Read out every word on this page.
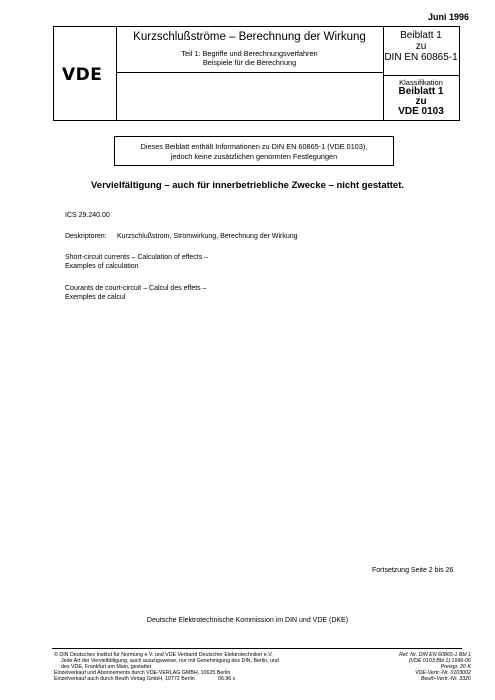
Juni 1996
VDE
Kurzschlußströme – Berechnung der Wirkung
Teil 1: Begriffe und Berechnungsverfahren
Beispiele für die Berechnung
Beiblatt 1
zu
DIN EN 60865-1
Klassifikation
Beiblatt 1
zu
VDE 0103
Dieses Beiblatt enthält Informationen zu DIN EN 60865-1 (VDE 0103),
jedoch keine zusätzlichen genormten Festlegungen
Vervielfältigung – auch für innerbetriebliche Zwecke – nicht gestattet.
ICS 29.240.00
Deskriptoren: Kurzschlußstrom, Stromwirkung, Berechnung der Wirkung
Short-circuit currents – Calculation of effects –
Examples of calculation
Courants de court-circuit – Calcul des effets –
Exemples de calcul
Fortsetzung Seite 2 bis 26
Deutsche Elektrotechnische Kommission im DIN und VDE (DKE)
© DIN Deutsches Institut für Normung e.V. und VDE Verband Deutscher Elektrotechniker e.V.
Jede Art der Vervielfältigung, auch auszugsweise, nur mit Genehmigung des DIN, Berlin, und
des VDE, Frankfurt am Main, gestattet
Einzelverkauf und Abonnements durch VDE-VERLAG GMBH, 10625 Berlin
Einzelverkauf auch durch Beuth Verlag GmbH, 10772 Berlin	06.96 v
Ref. Nr. DIN EN 60865-1 Bbl 1
(VDE 0103 Bbl 1):1996-06
Preisgr. 20 K
VDE-Vertr.-Nr. 0103002
Beuth-Vertr.-Nr. 3320
